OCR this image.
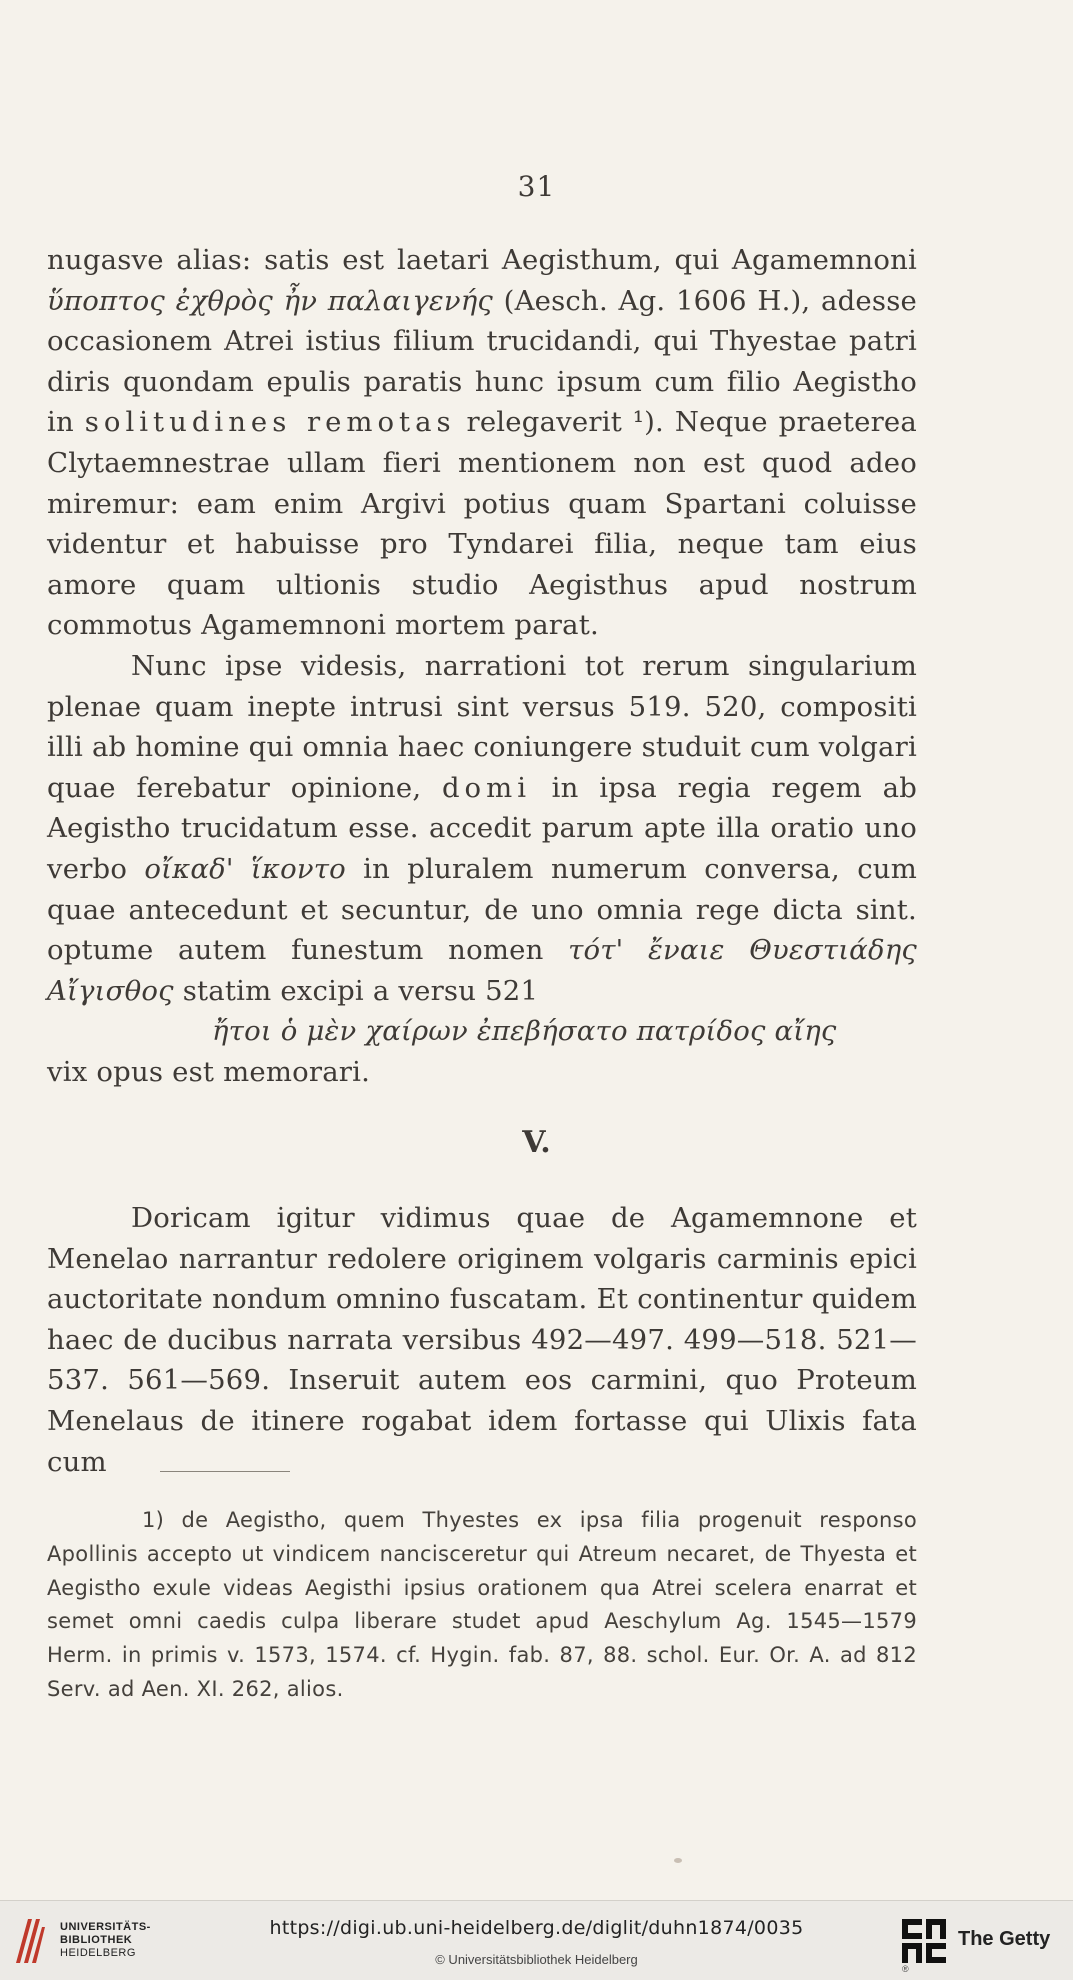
31

nugasve alias: satis est laetari Aegisthum, qui Agamemnoni ὕποπτος ἐχθρὸς ἦν παλαιγενής (Aesch. Ag. 1606 H.), adesse occasionem Atrei istius filium trucidandi, qui Thyestae patri diris quondam epulis paratis hunc ipsum cum filio Aegistho in solitudines remotas relegaverit ¹). Neque praeterea Clytaemnestrae ullam fieri mentionem non est quod adeo miremur: eam enim Argivi potius quam Spartani coluisse videntur et habuisse pro Tyndarei filia, neque tam eius amore quam ultionis studio Aegisthus apud nostrum commotus Agamemnoni mortem parat.

Nunc ipse videsis, narrationi tot rerum singularium plenae quam inepte intrusi sint versus 519. 520, compositi illi ab homine qui omnia haec coniungere studuit cum volgari quae ferebatur opinione, domi in ipsa regia regem ab Aegistho trucidatum esse. accedit parum apte illa oratio uno verbo οἴκαδ' ἵκοντο in pluralem numerum conversa, cum quae antecedunt et secuntur, de uno omnia rege dicta sint. optume autem funestum nomen τότ' ἔναιε Θυεστιάδης Αἴγισθος statim excipi a versu 521

ἤτοι ὁ μὲν χαίρων ἐπεβήσατο πατρίδος αἴης

vix opus est memorari.

V.

Doricam igitur vidimus quae de Agamemnone et Menelao narrantur redolere originem volgaris carminis epici auctoritate nondum omnino fuscatam. Et continentur quidem haec de ducibus narrata versibus 492—497. 499—518. 521—537. 561—569. Inseruit autem eos carmini, quo Proteum Menelaus de itinere rogabat idem fortasse qui Ulixis fata cum

1) de Aegistho, quem Thyestes ex ipsa filia progenuit responso Apollinis accepto ut vindicem nancisceretur qui Atreum necaret, de Thyesta et Aegistho exule videas Aegisthi ipsius orationem qua Atrei scelera enarrat et semet omni caedis culpa liberare studet apud Aeschylum Ag. 1545—1579 Herm. in primis v. 1573, 1574. cf. Hygin. fab. 87, 88. schol. Eur. Or. A. ad 812 Serv. ad Aen. XI. 262, alios.

UNIVERSITÄTS-
BIBLIOTHEK
HEIDELBERG
https://digi.ub.uni-heidelberg.de/diglit/duhn1874/0035
© Universitätsbibliothek Heidelberg
The Getty
®
